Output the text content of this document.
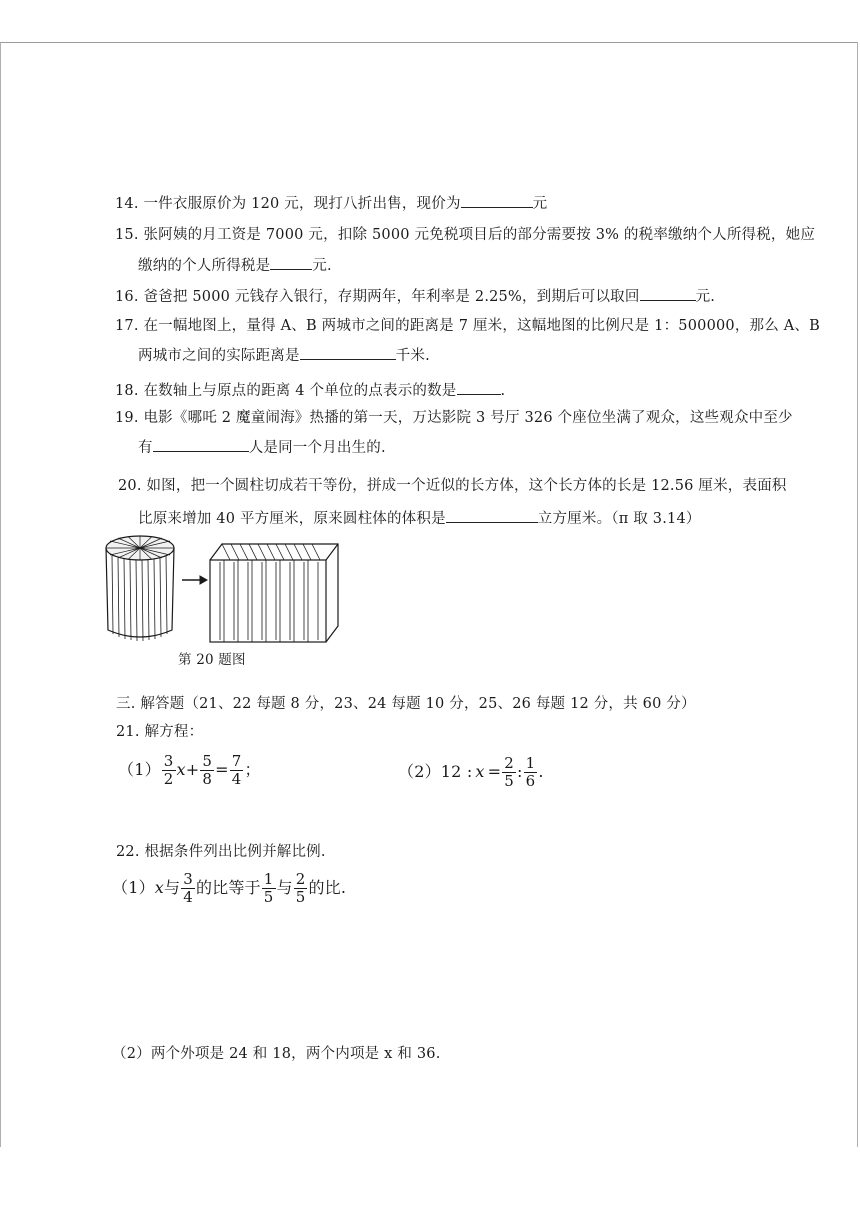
14. 一件衣服原价为 120 元，现打八折出售，现价为	元
15. 张阿姨的月工资是 7000 元，扣除 5000 元免税项目后的部分需要按 3% 的税率缴纳个人所得税，她应
缴纳的个人所得税是	元.
16. 爸爸把 5000 元钱存入银行，存期两年，年利率是 2.25%，到期后可以取回	元.
17. 在一幅地图上，量得 A、B 两城市之间的距离是 7 厘米，这幅地图的比例尺是 1：500000，那么 A、B
两城市之间的实际距离是	千米.
18. 在数轴上与原点的距离 4 个单位的点表示的数是	.
19. 电影《哪吒 2 魔童闹海》热播的第一天，万达影院 3 号厅 326 个座位坐满了观众，这些观众中至少
有	人是同一个月出生的.
20. 如图，把一个圆柱切成若干等份，拼成一个近似的长方体，这个长方体的长是 12.56 厘米，表面积
比原来增加 40 平方厘米，原来圆柱体的体积是	立方厘米。（π 取 3.14）
第 20 题图
三. 解答题（21、22 每题 8 分，23、24 每题 10 分，25、26 每题 12 分，共 60 分）
21. 解方程：
$(1) \frac{3}{2}$ $x + \frac{5}{8} = \frac{7}{4}$ ；	（2） 12 : $x = \frac{2}{5}$ : $\frac{1}{6}$ .
22. 根据条件列出比例并解比例.
（1） x 与 $\frac{3}{4}$ 的比等于 $\frac{1}{5}$ 与 $\frac{2}{5}$ 的比.
（2）两个外项是 24 和 18，两个内项是 x 和 36.
